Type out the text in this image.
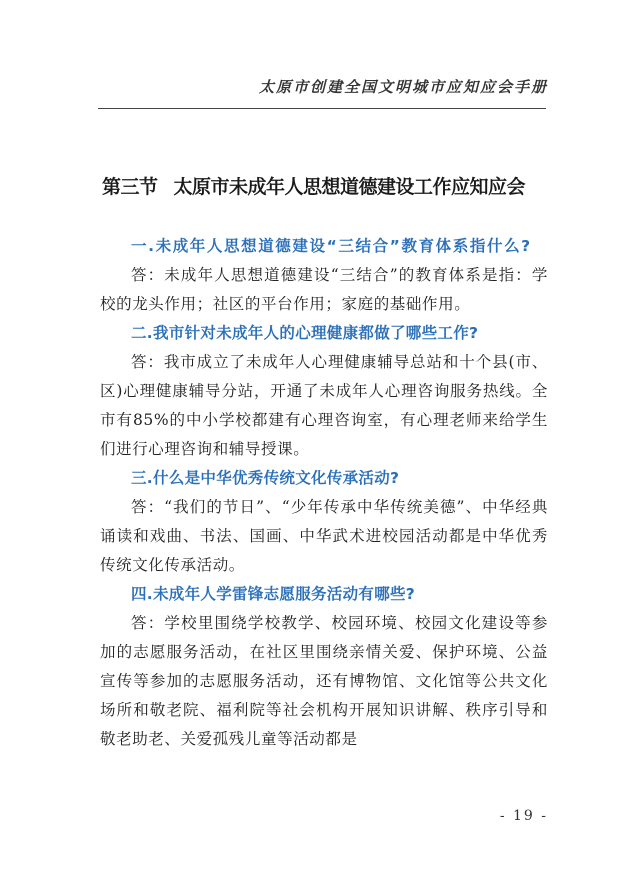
太原市创建全国文明城市应知应会手册
第三节 太原市未成年人思想道德建设工作应知应会

一.未成年人思想道德建设“三结合”教育体系指什么?

答：未成年人思想道德建设“三结合”的教育体系是指：学校的龙头作用；社区的平台作用；家庭的基础作用。

二.我市针对未成年人的心理健康都做了哪些工作?

答：我市成立了未成年人心理健康辅导总站和十个县(市、区)心理健康辅导分站，开通了未成年人心理咨询服务热线。全市有85%的中小学校都建有心理咨询室，有心理老师来给学生们进行心理咨询和辅导授课。

三.什么是中华优秀传统文化传承活动?

答：“我们的节日”、“少年传承中华传统美德”、中华经典诵读和戏曲、书法、国画、中华武术进校园活动都是中华优秀传统文化传承活动。

四.未成年人学雷锋志愿服务活动有哪些?

答：学校里围绕学校教学、校园环境、校园文化建设等参加的志愿服务活动，在社区里围绕亲情关爱、保护环境、公益宣传等参加的志愿服务活动，还有博物馆、文化馆等公共文化场所和敬老院、福利院等社会机构开展知识讲解、秩序引导和敬老助老、关爱孤残儿童等活动都是

- 19 -
